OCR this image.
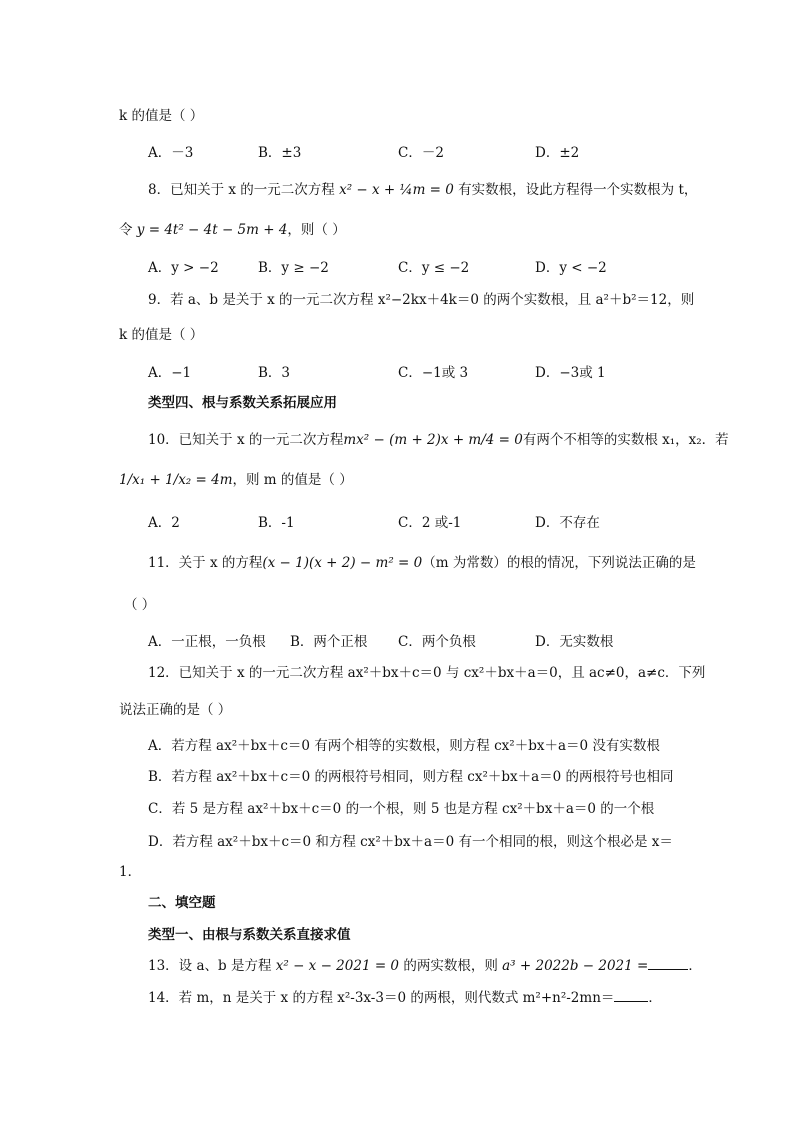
k 的值是（ ）
A．－3	B．±3	C．－2	D．±2
8．已知关于 x 的一元二次方程 x² − x + ¼m = 0 有实数根，设此方程得一个实数根为 t，
令 y = 4t² − 4t − 5m + 4，则（ ）
A．y > −2	B．y ≥ −2	C．y ≤ −2	D．y < −2
9．若 a、b 是关于 x 的一元二次方程 x²−2kx＋4k＝0 的两个实数根，且 a²＋b²＝12，则
k 的值是（ ）
A．−1	B．3	C．−1或 3	D．−3或 1
类型四、根与系数关系拓展应用
10．已知关于 x 的一元二次方程mx² − (m + 2)x + m/4 = 0有两个不相等的实数根 x₁，x₂．若
1/x₁ + 1/x₂ = 4m，则 m 的值是（ ）
A．2	B．-1	C．2 或-1	D．不存在
11．关于 x 的方程(x − 1)(x + 2) − m² = 0（m 为常数）的根的情况，下列说法正确的是
（ ）
A．一正根，一负根 B．两个正根 C．两个负根	D．无实数根
12．已知关于 x 的一元二次方程 ax²＋bx＋c＝0 与 cx²＋bx＋a＝0，且 ac≠0，a≠c．下列
说法正确的是（ ）
A．若方程 ax²＋bx＋c＝0 有两个相等的实数根，则方程 cx²＋bx＋a＝0 没有实数根
B．若方程 ax²＋bx＋c＝0 的两根符号相同，则方程 cx²＋bx＋a＝0 的两根符号也相同
C．若 5 是方程 ax²＋bx＋c＝0 的一个根，则 5 也是方程 cx²＋bx＋a＝0 的一个根
D．若方程 ax²＋bx＋c＝0 和方程 cx²＋bx＋a＝0 有一个相同的根，则这个根必是 x＝
1．
二、填空题
类型一、由根与系数关系直接求值
13．设 a、b 是方程 x² − x − 2021 = 0 的两实数根，则 a³ + 2022b − 2021 =	．
14．若 m，n 是关于 x 的方程 x²-3x-3＝0 的两根，则代数式 m²+n²-2mn＝	．
